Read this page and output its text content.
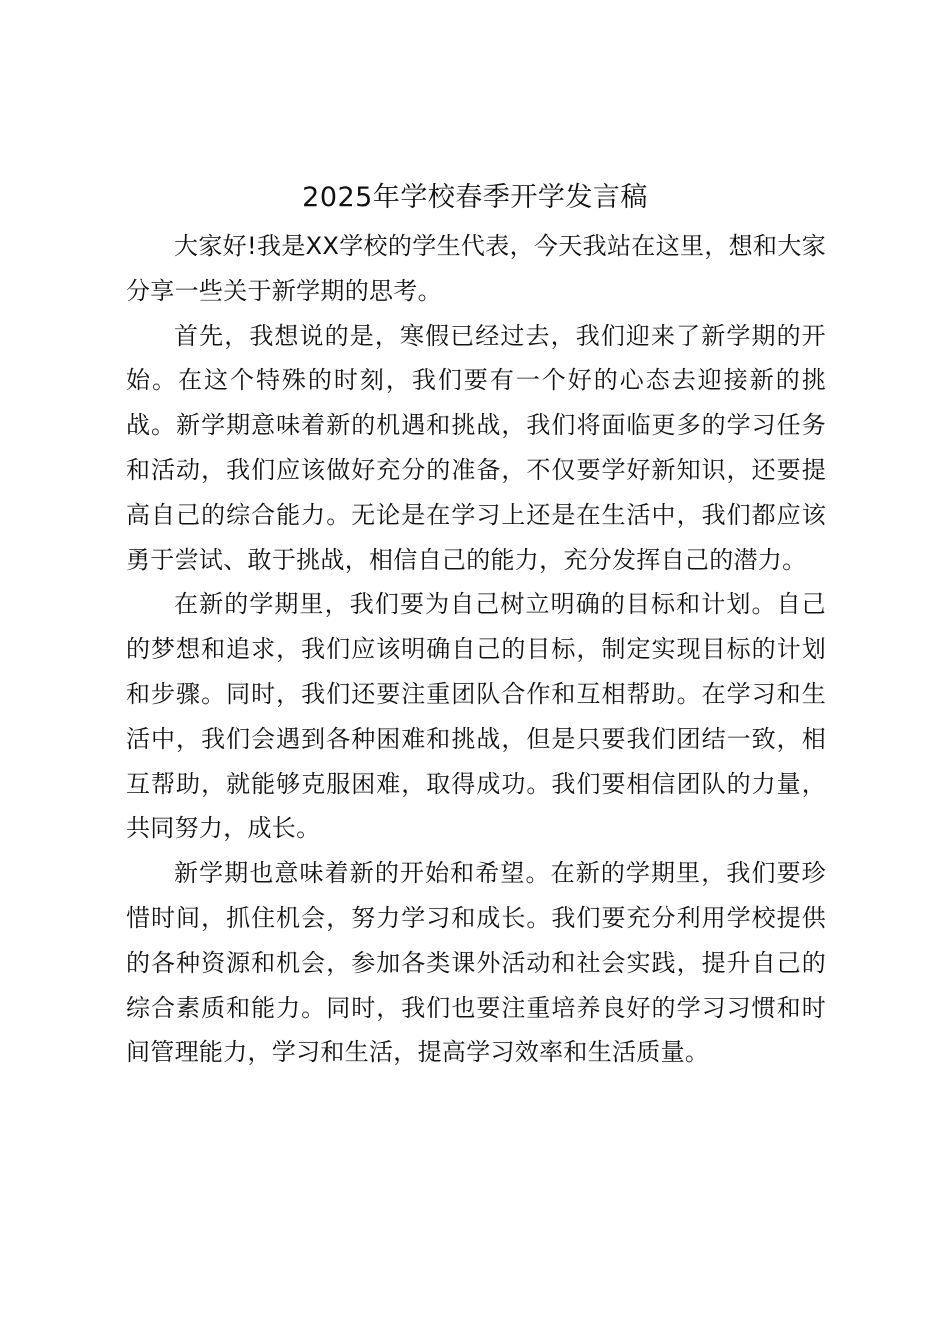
2025年学校春季开学发言稿

大家好!我是XX学校的学生代表，今天我站在这里，想和大家分享一些关于新学期的思考。

首先，我想说的是，寒假已经过去，我们迎来了新学期的开始。在这个特殊的时刻，我们要有一个好的心态去迎接新的挑战。新学期意味着新的机遇和挑战，我们将面临更多的学习任务和活动，我们应该做好充分的准备，不仅要学好新知识，还要提高自己的综合能力。无论是在学习上还是在生活中，我们都应该勇于尝试、敢于挑战，相信自己的能力，充分发挥自己的潜力。

在新的学期里，我们要为自己树立明确的目标和计划。自己的梦想和追求，我们应该明确自己的目标，制定实现目标的计划和步骤。同时，我们还要注重团队合作和互相帮助。在学习和生活中，我们会遇到各种困难和挑战，但是只要我们团结一致，相互帮助，就能够克服困难，取得成功。我们要相信团队的力量，共同努力，成长。

新学期也意味着新的开始和希望。在新的学期里，我们要珍惜时间，抓住机会，努力学习和成长。我们要充分利用学校提供的各种资源和机会，参加各类课外活动和社会实践，提升自己的综合素质和能力。同时，我们也要注重培养良好的学习习惯和时间管理能力，学习和生活，提高学习效率和生活质量。
